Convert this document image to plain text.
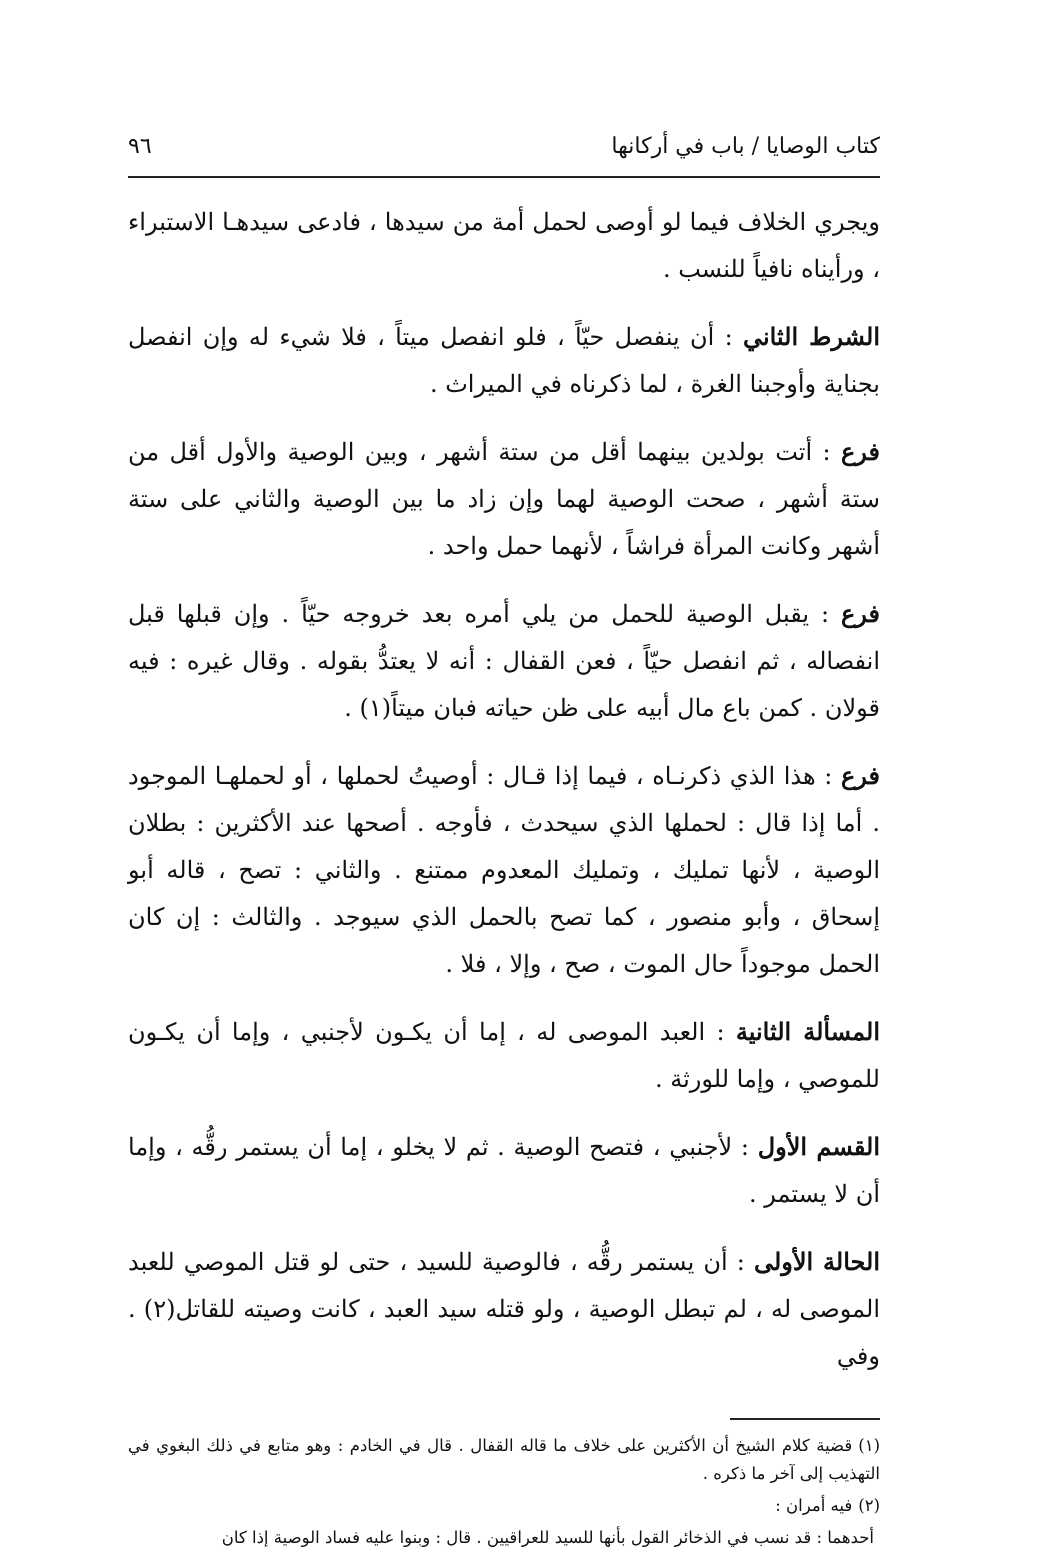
كتاب الوصايا / باب في أركانها
٩٦

ويجري الخلاف فيما لو أوصى لحمل أمة من سيدها ، فادعى سيدهـا الاستبراء ، ورأيناه نافياً للنسب .

الشرط الثاني : أن ينفصل حيّاً ، فلو انفصل ميتاً ، فلا شيء له وإن انفصل بجناية وأوجبنا الغرة ، لما ذكرناه في الميراث .

فرع : أتت بولدين بينهما أقل من ستة أشهر ، وبين الوصية والأول أقل من ستة أشهر ، صحت الوصية لهما وإن زاد ما بين الوصية والثاني على ستة أشهر وكانت المرأة فراشاً ، لأنهما حمل واحد .

فرع : يقبل الوصية للحمل من يلي أمره بعد خروجه حيّاً . وإن قبلها قبل انفصاله ، ثم انفصل حيّاً ، فعن القفال : أنه لا يعتدُّ بقوله . وقال غيره : فيه قولان . كمن باع مال أبيه على ظن حياته فبان ميتاً(١) .

فرع : هذا الذي ذكرنـاه ، فيما إذا قـال : أوصيتُ لحملها ، أو لحملهـا الموجود . أما إذا قال : لحملها الذي سيحدث ، فأوجه . أصحها عند الأكثرين : بطلان الوصية ، لأنها تمليك ، وتمليك المعدوم ممتنع . والثاني : تصح ، قاله أبو إسحاق ، وأبو منصور ، كما تصح بالحمل الذي سيوجد . والثالث : إن كان الحمل موجوداً حال الموت ، صح ، وإلا ، فلا .

المسألة الثانية : العبد الموصى له ، إما أن يكـون لأجنبي ، وإما أن يكـون للموصي ، وإما للورثة .

القسم الأول : لأجنبي ، فتصح الوصية . ثم لا يخلو ، إما أن يستمر رقُّه ، وإما أن لا يستمر .

الحالة الأولى : أن يستمر رقُّه ، فالوصية للسيد ، حتى لو قتل الموصي للعبد الموصى له ، لم تبطل الوصية ، ولو قتله سيد العبد ، كانت وصيته للقاتل(٢) . وفي

(١)قضية كلام الشيخ أن الأكثرين على خلاف ما قاله القفال . قال في الخادم : وهو متابع في ذلك البغوي في التهذيب إلى آخر ما ذكره .

(٢)فيه أمران :

أحدهما : قد نسب في الذخائر القول بأنها للسيد للعراقيين . قال : وبنوا عليه فساد الوصية إذا كان
